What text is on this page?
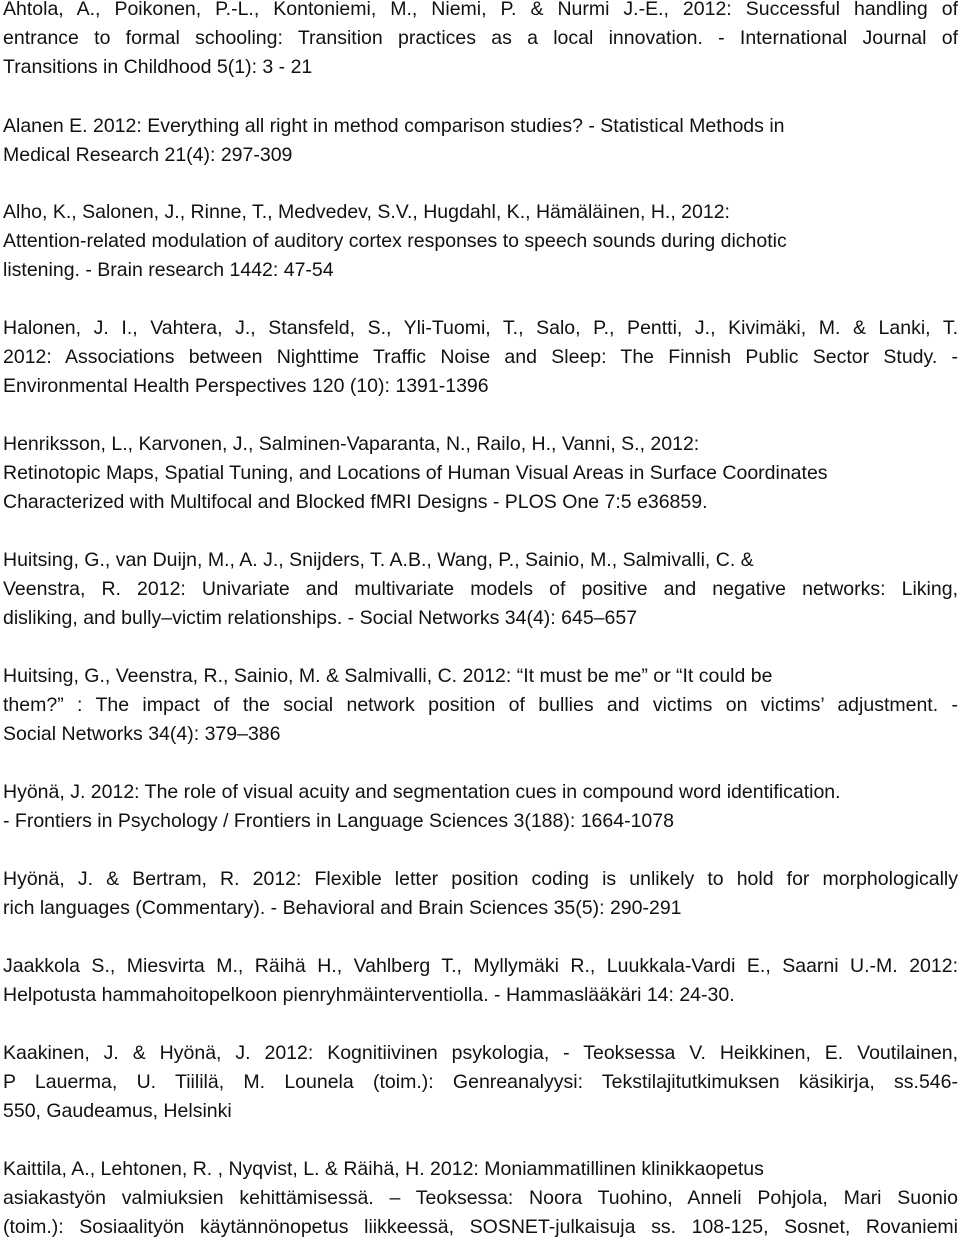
Ahtola, A., Poikonen, P.-L., Kontoniemi, M., Niemi, P. & Nurmi J.-E., 2012: Successful handling of
entrance to formal schooling: Transition practices as a local innovation. - International Journal of
Transitions in Childhood 5(1): 3 - 21
Alanen E. 2012: Everything all right in method comparison studies? - Statistical Methods in
Medical Research 21(4): 297-309
Alho, K., Salonen, J., Rinne, T., Medvedev, S.V., Hugdahl, K., Hämäläinen, H., 2012:
Attention-related modulation of auditory cortex responses to speech sounds during dichotic
listening. - Brain research 1442: 47-54
Halonen, J. I., Vahtera, J., Stansfeld, S., Yli-Tuomi, T., Salo, P., Pentti, J., Kivimäki, M. & Lanki, T.
2012: Associations between Nighttime Traffic Noise and Sleep: The Finnish Public Sector Study. -
Environmental Health Perspectives 120 (10): 1391-1396
Henriksson, L., Karvonen, J., Salminen-Vaparanta, N., Railo, H., Vanni, S., 2012:
Retinotopic Maps, Spatial Tuning, and Locations of Human Visual Areas in Surface Coordinates
Characterized with Multifocal and Blocked fMRI Designs - PLOS One 7:5 e36859.
Huitsing, G., van Duijn, M., A. J., Snijders, T. A.B., Wang, P., Sainio, M., Salmivalli, C. &
Veenstra, R. 2012: Univariate and multivariate models of positive and negative networks: Liking,
disliking, and bully–victim relationships. - Social Networks 34(4): 645–657
Huitsing, G., Veenstra, R., Sainio, M. & Salmivalli, C. 2012: “It must be me” or “It could be
them?” : The impact of the social network position of bullies and victims on victims’ adjustment. -
Social Networks 34(4): 379–386
Hyönä, J. 2012: The role of visual acuity and segmentation cues in compound word identification.
- Frontiers in Psychology / Frontiers in Language Sciences 3(188): 1664-1078
Hyönä, J. & Bertram, R. 2012: Flexible letter position coding is unlikely to hold for morphologically
rich languages (Commentary). - Behavioral and Brain Sciences 35(5): 290-291
Jaakkola S., Miesvirta M., Räihä H., Vahlberg T., Myllymäki R., Luukkala-Vardi E., Saarni U.-M. 2012:
Helpotusta hammahoitopelkoon pienryhmäinterventiolla. - Hammaslääkäri 14: 24-30.
Kaakinen, J. & Hyönä, J. 2012: Kognitiivinen psykologia, - Teoksessa V. Heikkinen, E. Voutilainen,
P Lauerma, U. Tiililä, M. Lounela (toim.): Genreanalyysi: Tekstilajitutkimuksen käsikirja, ss.546-
550, Gaudeamus, Helsinki
Kaittila, A., Lehtonen, R. , Nyqvist, L. & Räihä, H. 2012: Moniammatillinen klinikkaopetus
asiakastyön valmiuksien kehittämisessä. – Teoksessa: Noora Tuohino, Anneli Pohjola, Mari Suonio
(toim.): Sosiaalityön käytännönopetus liikkeessä, SOSNET-julkaisuja ss. 108-125, Sosnet, Rovaniemi
